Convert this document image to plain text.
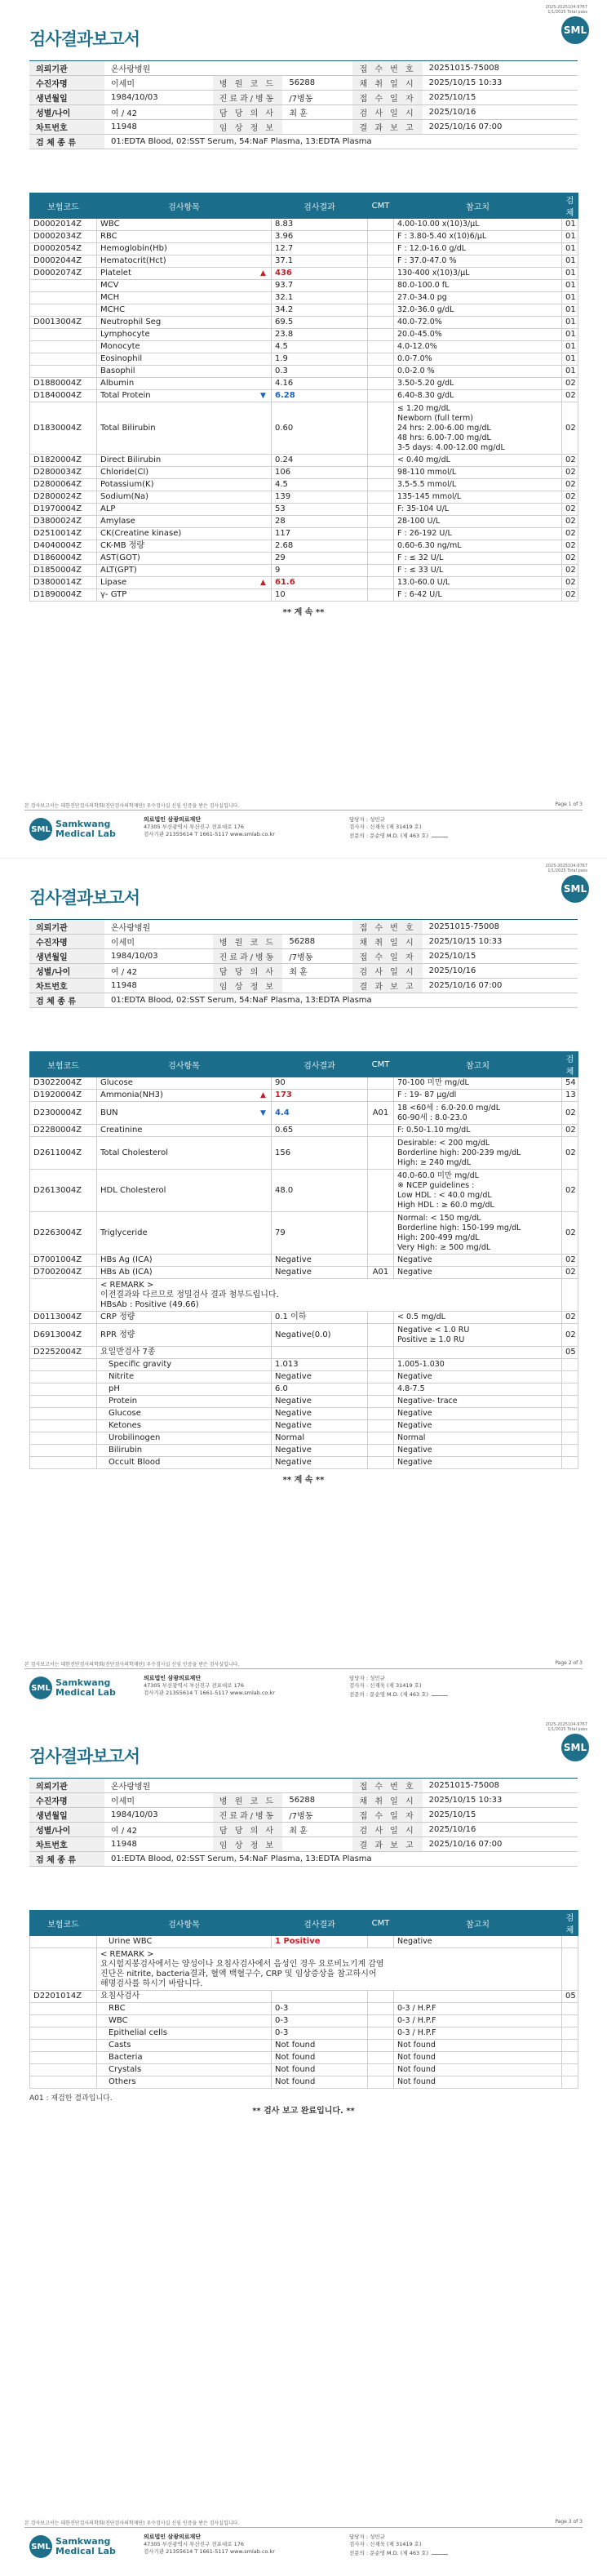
2025-2025104-9767
1/1/2025 Total pass
SML
검사결과보고서
의뢰기관	온사랑병원			접 수 번 호	20251015-75008
수진자명	이세미	병 원 코 드	56288	채 취 일 시	2025/10/15 10:33
생년월일	1984/10/03	진료과/병동	/7병동	접 수 일 자	2025/10/15
성별/나이	여 / 42	담 당 의 사	최 훈	검 사 일 시	2025/10/16
차트번호	11948	임 상 정 보		결 과 보 고	2025/10/16 07:00
검 체 종 류	01:EDTA Blood, 02:SST Serum, 54:NaF Plasma, 13:EDTA Plasma				
보험코드	검사항목	검사결과	CMT	참고치	검체
D0002014Z	WBC	8.83		4.00-10.00 x(10)3/μL	01
D0002034Z	RBC	3.96		F : 3.80-5.40 x(10)6/μL	01
D0002054Z	Hemoglobin(Hb)	12.7		F : 12.0-16.0 g/dL	01
D0002044Z	Hematocrit(Hct)	37.1		F : 37.0-47.0 %	01
D0002074Z	Platelet ▲	436		130-400 x(10)3/μL	01
	MCV	93.7		80.0-100.0 fL	01
	MCH	32.1		27.0-34.0 pg	01
	MCHC	34.2		32.0-36.0 g/dL	01
D0013004Z	Neutrophil Seg	69.5		40.0-72.0%	01
	Lymphocyte	23.8		20.0-45.0%	01
	Monocyte	4.5		4.0-12.0%	01
	Eosinophil	1.9		0.0-7.0%	01
	Basophil	0.3		0.0-2.0 %	01
D1880004Z	Albumin	4.16		3.50-5.20 g/dL	02
D1840004Z	Total Protein ▼	6.28		6.40-8.30 g/dL	02
D1830004Z	Total Bilirubin	0.60		≤ 1.20 mg/dL
Newborn (full term)
24 hrs: 2.00-6.00 mg/dL
48 hrs: 6.00-7.00 mg/dL
3-5 days: 4.00-12.00 mg/dL	02
D1820004Z	Direct Bilirubin	0.24		< 0.40 mg/dL	02
D2800034Z	Chloride(Cl)	106		98-110 mmol/L	02
D2800064Z	Potassium(K)	4.5		3.5-5.5 mmol/L	02
D2800024Z	Sodium(Na)	139		135-145 mmol/L	02
D1970004Z	ALP	53		F: 35-104 U/L	02
D3800024Z	Amylase	28		28-100 U/L	02
D2510014Z	CK(Creatine kinase)	117		F : 26-192 U/L	02
D4040004Z	CK-MB 정량	2.68		0.60-6.30 ng/mL	02
D1860004Z	AST(GOT)	29		F : ≤ 32 U/L	02
D1850004Z	ALT(GPT)	9		F : ≤ 33 U/L	02
D3800014Z	Lipase ▲	61.6		13.0-60.0 U/L	02
D1890004Z	γ- GTP	10		F : 6-42 U/L	02
본 검사보고서는 대한진단검사의학회(진단검사의학재단) 우수검사실 신임 인증을 받은 검사실입니다.	Page 1 of 3
SML Samkwang
Medical Lab
의료법인 삼광의료재단
47305 부산광역시 부산진구 전포대로 176
검사기관 21355614 T 1661-5117 www.smlab.co.kr
담당자 : 성민규
검사자 : 신재욱 (제 31419 호)
전문의 : 문순영 M.D. (제 463 호)
** 계 속 **
2025-2025104-9767
1/1/2025 Total pass
SML
검사결과보고서
의뢰기관	온사랑병원			접 수 번 호	20251015-75008
수진자명	이세미	병 원 코 드	56288	채 취 일 시	2025/10/15 10:33
생년월일	1984/10/03	진료과/병동	/7병동	접 수 일 자	2025/10/15
성별/나이	여 / 42	담 당 의 사	최 훈	검 사 일 시	2025/10/16
차트번호	11948	임 상 정 보		결 과 보 고	2025/10/16 07:00
검 체 종 류	01:EDTA Blood, 02:SST Serum, 54:NaF Plasma, 13:EDTA Plasma				
보험코드	검사항목	검사결과	CMT	참고치	검체
D3022004Z	Glucose	90		70-100 미만 mg/dL	54
D1920004Z	Ammonia(NH3) ▲	173		F : 19- 87 μg/dl	13
D2300004Z	BUN ▼	4.4	A01	18 <60세 : 6.0-20.0 mg/dL
60-90세 : 8.0-23.0	02
D2280004Z	Creatinine	0.65		F: 0.50-1.10 mg/dL	02
D2611004Z	Total Cholesterol	156		Desirable: < 200 mg/dL
Borderline high: 200-239 mg/dL
High: ≥ 240 mg/dL	02
D2613004Z	HDL Cholesterol	48.0		40.0-60.0 미만 mg/dL
※ NCEP guidelines :
Low HDL : < 40.0 mg/dL
High HDL : ≥ 60.0 mg/dL	02
D2263004Z	Triglyceride	79		Normal: < 150 mg/dL
Borderline high: 150-199 mg/dL
High: 200-499 mg/dL
Very High: ≥ 500 mg/dL	02
D7001004Z	HBs Ag (ICA)	Negative		Negative	02
D7002004Z	HBs Ab (ICA)	Negative	A01	Negative	02
	< REMARK >
이전결과와 다르므로 정밀검사 결과 첨부드립니다.
HBsAb : Positive (49.66)				
D0113004Z	CRP 정량	0.1 이하		< 0.5 mg/dL	02
D6913004Z	RPR 정량	Negative(0.0)		Negative < 1.0 RU
Positive ≥ 1.0 RU	02
D2252004Z	요일반검사 7종				05
	Specific gravity	1.013		1.005-1.030	
	Nitrite	Negative		Negative	
	pH	6.0		4.8-7.5	
	Protein	Negative		Negative- trace	
	Glucose	Negative		Negative	
	Ketones	Negative		Negative	
	Urobilinogen	Normal		Normal	
	Bilirubin	Negative		Negative	
	Occult Blood	Negative		Negative	
본 검사보고서는 대한진단검사의학회(진단검사의학재단) 우수검사실 신임 인증을 받은 검사실입니다.	Page 2 of 3
SML Samkwang
Medical Lab
의료법인 삼광의료재단
47305 부산광역시 부산진구 전포대로 176
검사기관 21355614 T 1661-5117 www.smlab.co.kr
담당자 : 성민규
검사자 : 신재욱 (제 31419 호)
전문의 : 문순영 M.D. (제 463 호)
** 계 속 **
2025-2025104-9767
1/1/2025 Total pass
SML
검사결과보고서
의뢰기관	온사랑병원			접 수 번 호	20251015-75008
수진자명	이세미	병 원 코 드	56288	채 취 일 시	2025/10/15 10:33
생년월일	1984/10/03	진료과/병동	/7병동	접 수 일 자	2025/10/15
성별/나이	여 / 42	담 당 의 사	최 훈	검 사 일 시	2025/10/16
차트번호	11948	임 상 정 보		결 과 보 고	2025/10/16 07:00
검 체 종 류	01:EDTA Blood, 02:SST Serum, 54:NaF Plasma, 13:EDTA Plasma				
보험코드	검사항목	검사결과	CMT	참고치	검체
	Urine WBC	1 Positive		Negative	
	< REMARK >
요시험지봉검사에서는 양성이나 요침사검사에서 음성인 경우 요로비뇨기계 감염
진단은 nitrite, bacteria결과, 혈액 백혈구수, CRP 및 임상증상을 참고하시어
해명검사를 하시기 바랍니다.				
D2201014Z	요침사검사				05
	RBC	0-3		0-3 / H.P.F	
	WBC	0-3		0-3 / H.P.F	
	Epithelial cells	0-3		0-3 / H.P.F	
	Casts	Not found		Not found	
	Bacteria	Not found		Not found	
	Crystals	Not found		Not found	
	Others	Not found		Not found	
본 검사보고서는 대한진단검사의학회(진단검사의학재단) 우수검사실 신임 인증을 받은 검사실입니다.	Page 3 of 3
SML Samkwang
Medical Lab
의료법인 삼광의료재단
47305 부산광역시 부산진구 전포대로 176
검사기관 21355614 T 1661-5117 www.smlab.co.kr
담당자 : 성민규
검사자 : 신재욱 (제 31419 호)
전문의 : 문순영 M.D. (제 463 호)
A01 : 재검한 결과입니다.
** 검사 보고 완료입니다. **
